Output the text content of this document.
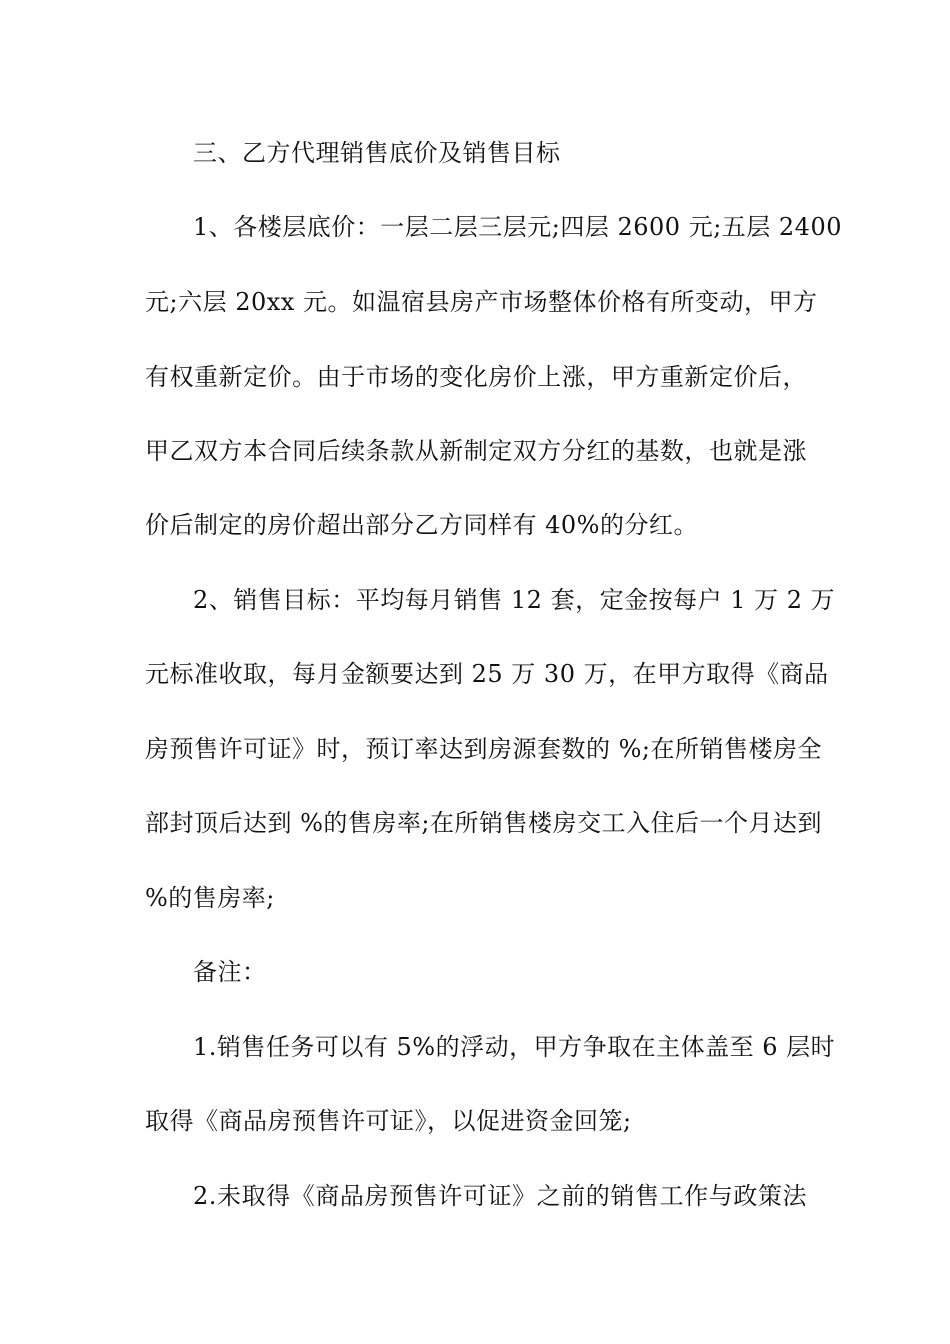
三、乙方代理销售底价及销售目标
1、各楼层底价：一层二层三层元;四层 2600 元;五层 2400
元;六层 20xx 元。如温宿县房产市场整体价格有所变动，甲方
有权重新定价。由于市场的变化房价上涨，甲方重新定价后，
甲乙双方本合同后续条款从新制定双方分红的基数，也就是涨
价后制定的房价超出部分乙方同样有 40%的分红。
2、销售目标：平均每月销售 12 套，定金按每户 1 万 2 万
元标准收取，每月金额要达到 25 万 30 万，在甲方取得《商品
房预售许可证》时，预订率达到房源套数的 %;在所销售楼房全
部封顶后达到 %的售房率;在所销售楼房交工入住后一个月达到
%的售房率;
备注：
1.销售任务可以有 5%的浮动，甲方争取在主体盖至 6 层时
取得《商品房预售许可证》，以促进资金回笼;
2.未取得《商品房预售许可证》之前的销售工作与政策法
